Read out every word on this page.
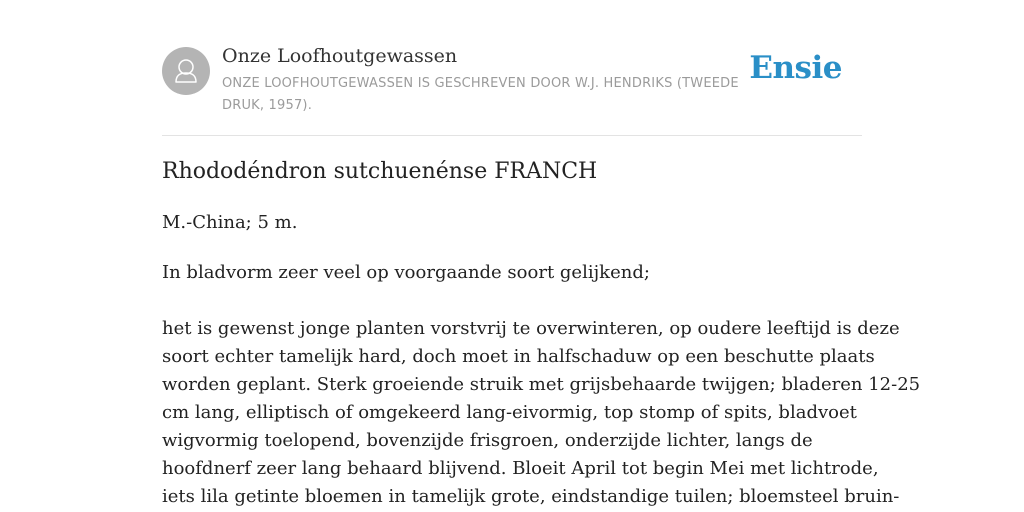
Onze Loofhoutgewassen
ONZE LOOFHOUTGEWASSEN IS GESCHREVEN DOOR W.J. HENDRIKS (TWEEDE DRUK, 1957).
Ensie
Rhododéndron sutchuenénse FRANCH

M.-China; 5 m.

In bladvorm zeer veel op voorgaande soort gelijkend;

het is gewenst jonge planten vorstvrij te overwinteren, op oudere leeftijd is deze
soort echter tamelijk hard, doch moet in halfschaduw op een beschutte plaats
worden geplant. Sterk groeiende struik met grijsbehaarde twijgen; bladeren 12-25
cm lang, elliptisch of omgekeerd lang-eivormig, top stomp of spits, bladvoet
wigvormig toelopend, bovenzijde frisgroen, onderzijde lichter, langs de
hoofdnerf zeer lang behaard blijvend. Bloeit April tot begin Mei met lichtrode,
iets lila getinte bloemen in tamelijk grote, eindstandige tuilen; bloemsteel bruin-
